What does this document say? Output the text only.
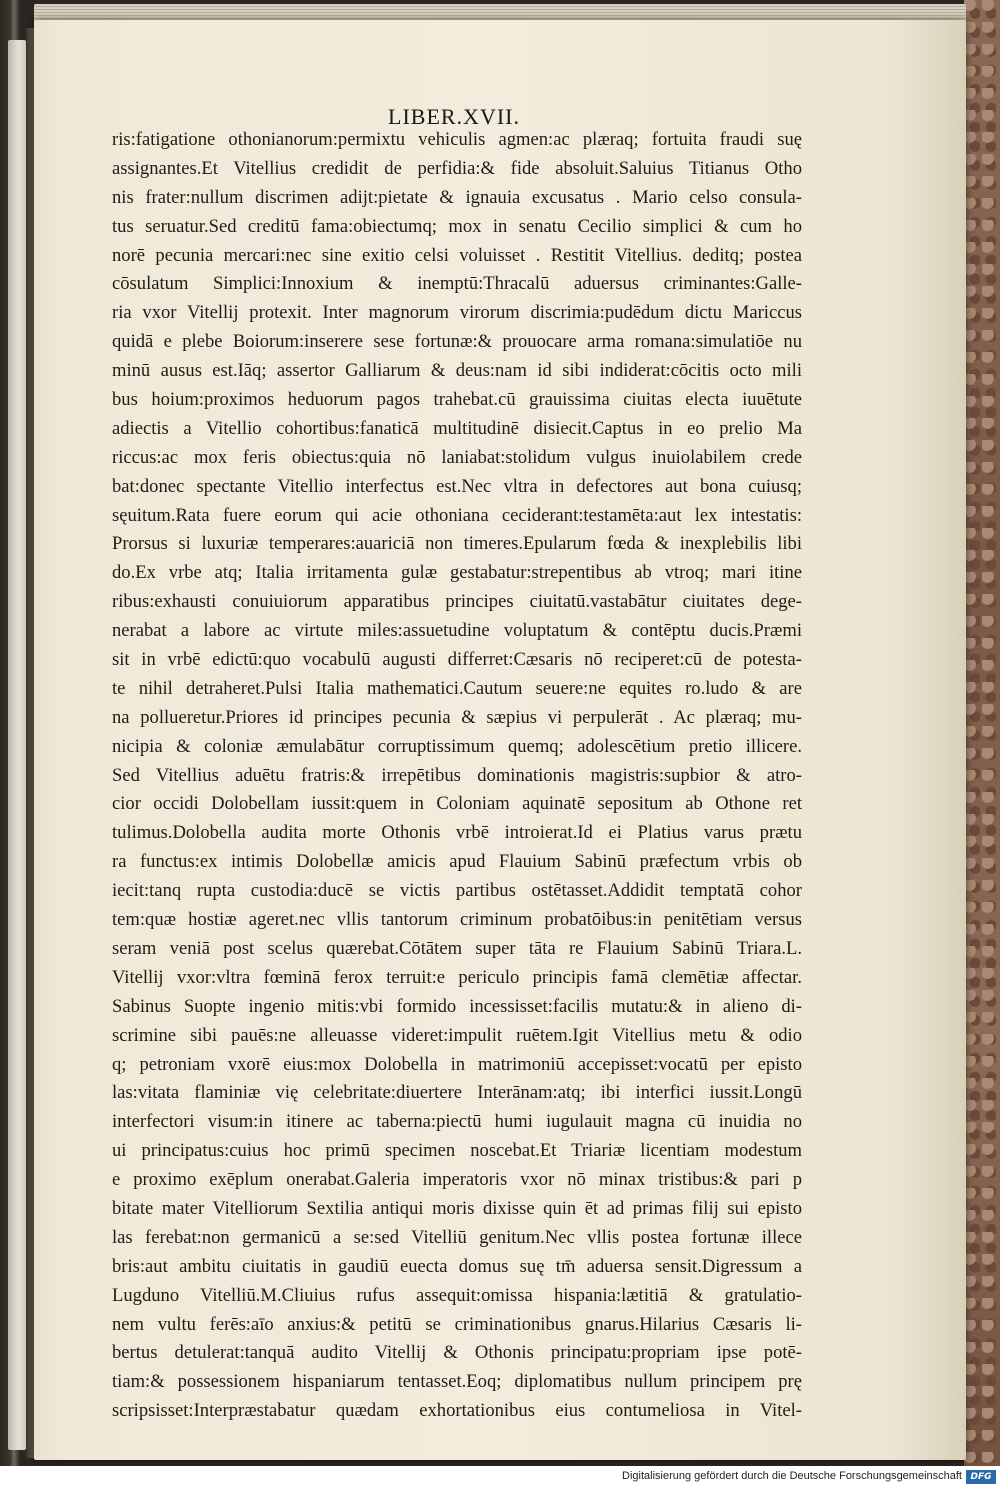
LIBER.XVII.
ris:fatigatione othonianorum:permixtu vehiculis agmen:ac plæraq; fortuita fraudi suę
assignantes.Et Vitellius credidit de perfidia:& fide absoluit.Saluius Titianus Otho
nis frater:nullum discrimen adijt:pietate & ignauia excusatus . Mario celso consula-
tus seruatur.Sed creditū fama:obiectumq; mox in senatu Cecilio simplici & cum ho
norē pecunia mercari:nec sine exitio celsi voluisset . Restitit Vitellius. deditq; postea
cōsulatum Simplici:Innoxium & inemptū:Thracalū aduersus criminantes:Galle-
ria vxor Vitellij protexit. Inter magnorum virorum discrimia:pudēdum dictu Mariccus
quidā e plebe Boiorum:inserere sese fortunæ:& prouocare arma romana:simulatiōe nu
minū ausus est.Iāq; assertor Galliarum & deus:nam id sibi indiderat:cōcitis octo mili
bus hoium:proximos heduorum pagos trahebat.cū grauissima ciuitas electa iuuētute
adiectis a Vitellio cohortibus:fanaticā multitudinē disiecit.Captus in eo prelio Ma
riccus:ac mox feris obiectus:quia nō laniabat:stolidum vulgus inuiolabilem crede
bat:donec spectante Vitellio interfectus est.Nec vltra in defectores aut bona cuiusq;
sęuitum.Rata fuere eorum qui acie othoniana ceciderant:testamēta:aut lex intestatis:
Prorsus si luxuriæ temperares:auariciā non timeres.Epularum fœda & inexplebilis libi
do.Ex vrbe atq; Italia irritamenta gulæ gestabatur:strepentibus ab vtroq; mari itine
ribus:exhausti conuiuiorum apparatibus principes ciuitatū.vastabātur ciuitates dege-
nerabat a labore ac virtute miles:assuetudine voluptatum & contēptu ducis.Præmi
sit in vrbē edictū:quo vocabulū augusti differret:Cæsaris nō reciperet:cū de potesta-
te nihil detraheret.Pulsi Italia mathematici.Cautum seuere:ne equites ro.ludo & are
na pollueretur.Priores id principes pecunia & sæpius vi perpulerāt . Ac plæraq; mu-
nicipia & coloniæ æmulabātur corruptissimum quemq; adolescētium pretio illicere.
Sed Vitellius aduētu fratris:& irrepētibus dominationis magistris:supbior & atro-
cior occidi Dolobellam iussit:quem in Coloniam aquinatē sepositum ab Othone ret
tulimus.Dolobella audita morte Othonis vrbē introierat.Id ei Platius varus prætu
ra functus:ex intimis Dolobellæ amicis apud Flauium Sabinū præfectum vrbis ob
iecit:tanq rupta custodia:ducē se victis partibus ostētasset.Addidit temptatā cohor
tem:quæ hostiæ ageret.nec vllis tantorum criminum probatōibus:in penitētiam versus
seram veniā post scelus quærebat.Cōtātem super tāta re Flauium Sabinū Triara.L.
Vitellij vxor:vltra fœminā ferox terruit:e periculo principis famā clemētiæ affectar.
Sabinus Suopte ingenio mitis:vbi formido incessisset:facilis mutatu:& in alieno di-
scrimine sibi pauēs:ne alleuasse videret:impulit ruētem.Igit Vitellius metu & odio
q; petroniam vxorē eius:mox Dolobella in matrimoniū accepisset:vocatū per episto
las:vitata flaminiæ vię celebritate:diuertere Interānam:atq; ibi interfici iussit.Longū
interfectori visum:in itinere ac taberna:piectū humi iugulauit magna cū inuidia no
ui principatus:cuius hoc primū specimen noscebat.Et Triariæ licentiam modestum
e proximo exēplum onerabat.Galeria imperatoris vxor nō minax tristibus:& pari p
bitate mater Vitelliorum Sextilia antiqui moris dixisse quin ēt ad primas filij sui episto
las ferebat:non germanicū a se:sed Vitelliū genitum.Nec vllis postea fortunæ illece
bris:aut ambitu ciuitatis in gaudiū euecta domus suę tm̄ aduersa sensit.Digressum a
Lugduno Vitelliū.M.Cliuius rufus assequit:omissa hispania:lætitiā & gratulatio-
nem vultu ferēs:aīo anxius:& petitū se criminationibus gnarus.Hilarius Cæsaris li-
bertus detulerat:tanquā audito Vitellij & Othonis principatu:propriam ipse potē-
tiam:& possessionem hispaniarum tentasset.Eoq; diplomatibus nullum principem prę
scripsisset:Interpræstabatur quædam exhortationibus eius contumeliosa in Vitel-
Digitalisierung gefördert durch die Deutsche Forschungsgemeinschaft DFG
